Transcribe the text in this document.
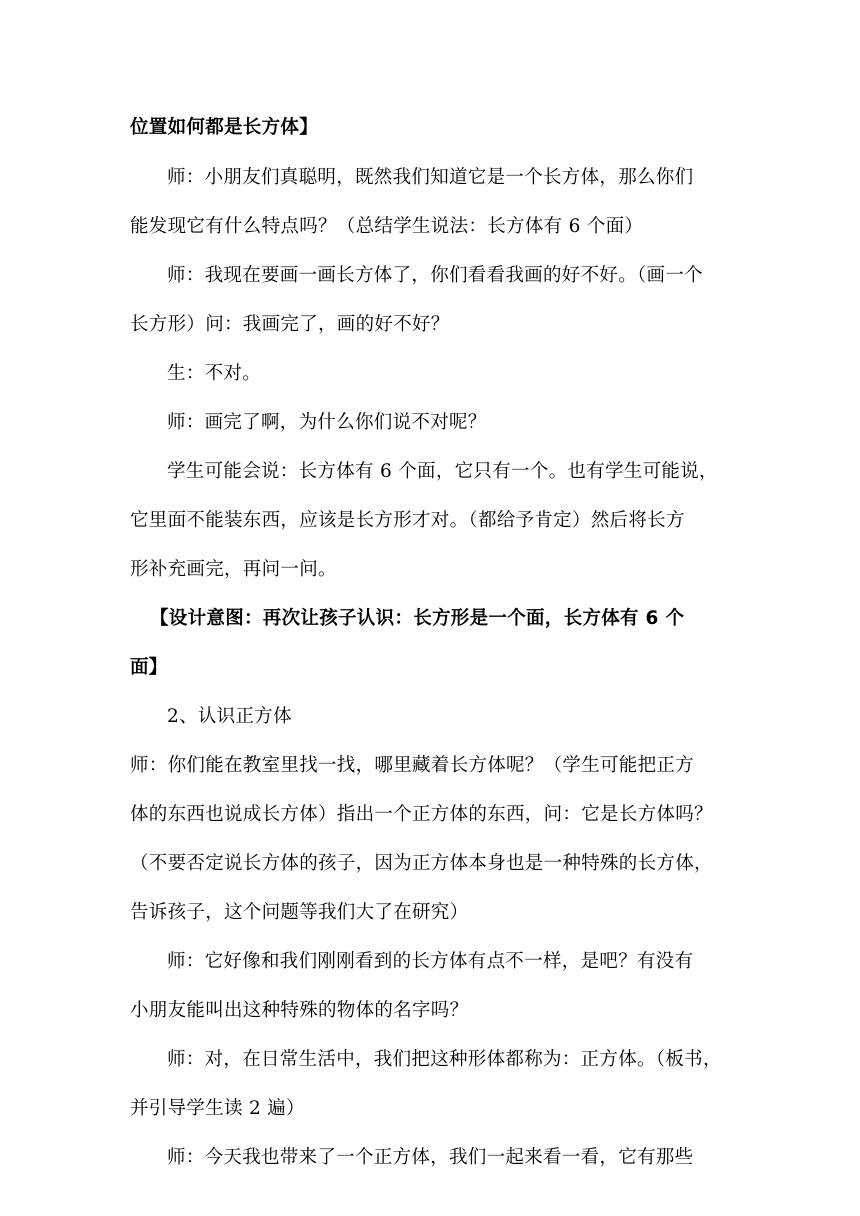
位置如何都是长方体】
师：小朋友们真聪明，既然我们知道它是一个长方体，那么你们
能发现它有什么特点吗？（总结学生说法：长方体有 6 个面）
师：我现在要画一画长方体了，你们看看我画的好不好。（画一个
长方形）问：我画完了，画的好不好？
生：不对。
师：画完了啊，为什么你们说不对呢？
学生可能会说：长方体有 6 个面，它只有一个。也有学生可能说，
它里面不能装东西，应该是长方形才对。（都给予肯定）然后将长方
形补充画完，再问一问。
【设计意图：再次让孩子认识：长方形是一个面，长方体有 6 个
面】
2、认识正方体
师：你们能在教室里找一找，哪里藏着长方体呢？（学生可能把正方
体的东西也说成长方体）指出一个正方体的东西，问：它是长方体吗？
（不要否定说长方体的孩子，因为正方体本身也是一种特殊的长方体，
告诉孩子，这个问题等我们大了在研究）
师：它好像和我们刚刚看到的长方体有点不一样，是吧？有没有
小朋友能叫出这种特殊的物体的名字吗？
师：对，在日常生活中，我们把这种形体都称为：正方体。（板书，
并引导学生读 2 遍）
师：今天我也带来了一个正方体，我们一起来看一看，它有那些
